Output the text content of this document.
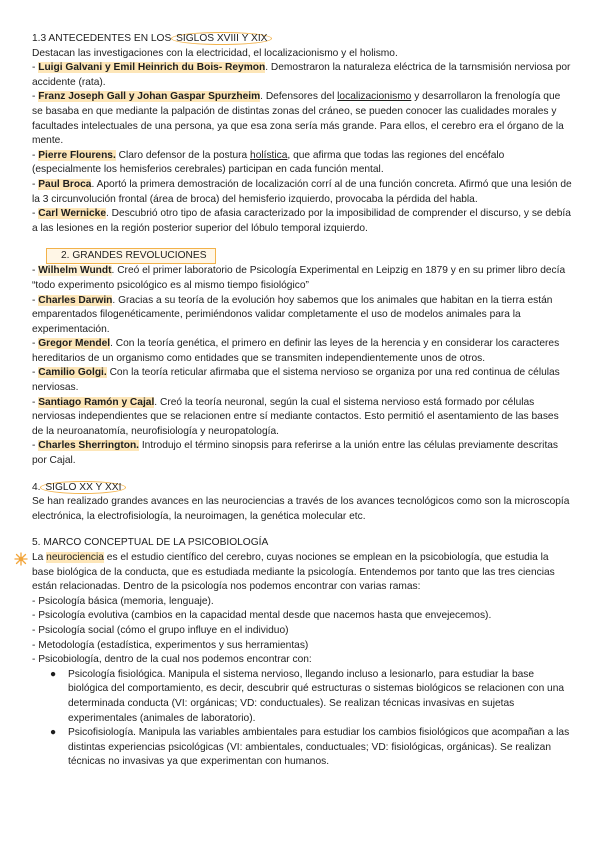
1.3 ANTECEDENTES EN LOS SIGLOS XVIII Y XIX

Destacan las investigaciones con la electricidad, el localizacionismo y el holismo.

- Luigi Galvani y Emil Heinrich du Bois- Reymon. Demostraron la naturaleza eléctrica de la tarnsmisión nerviosa por accidente (rata).

- Franz Joseph Gall y Johan Gaspar Spurzheim. Defensores del localizacionismo y desarrollaron la frenología que se basaba en que mediante la palpación de distintas zonas del cráneo, se pueden conocer las cualidades morales y facultades intelectuales de una persona, ya que esa zona sería más grande. Para ellos, el cerebro era el órgano de la mente.

- Pierre Flourens. Claro defensor de la postura holística, que afirma que todas las regiones del encéfalo (especialmente los hemisferios cerebrales) participan en cada función mental.

- Paul Broca. Aportó la primera demostración de localización corrí al de una función concreta. Afirmó que una lesión de la 3 circunvolución frontal (área de broca) del hemisferio izquierdo, provocaba la pérdida del habla.

- Carl Wernicke. Descubrió otro tipo de afasia caracterizado por la imposibilidad de comprender el discurso, y se debía a las lesiones en la región posterior superior del lóbulo temporal izquierdo.

2. GRANDES REVOLUCIONES

- Wilhelm Wundt. Creó el primer laboratorio de Psicología Experimental en Leipzig en 1879 y en su primer libro decía “todo experimento psicológico es al mismo tiempo fisiológico”

- Charles Darwin. Gracias a su teoría de la evolución hoy sabemos que los animales que habitan en la tierra están emparentados filogenéticamente, perimiéndonos validar completamente el uso de modelos animales para la experimentación.

- Gregor Mendel. Con la teoría genética, el primero en definir las leyes de la herencia y en considerar los caracteres hereditarios de un organismo como entidades que se transmiten independientemente unos de otros.

- Camilio Golgi. Con la teoría reticular afirmaba que el sistema nervioso se organiza por una red continua de células nerviosas.

- Santiago Ramón y Cajal. Creó la teoría neuronal, según la cual el sistema nervioso está formado por células nerviosas independientes que se relacionen entre sí mediante contactos. Esto permitió el asentamiento de las bases de la neuroanatomía, neurofisiología y neuropatología.

- Charles Sherrington. Introdujo el término sinopsis para referirse a la unión entre las células previamente descritas por Cajal.

4. SIGLO XX Y XXI

Se han realizado grandes avances en las neurociencias a través de los avances tecnológicos como son la microscopía electrónica, la electrofisiología, la neuroimagen, la genética molecular etc.

5. MARCO CONCEPTUAL DE LA PSICOBIOLOGÍA

La neurociencia es el estudio científico del cerebro, cuyas nociones se emplean en la psicobiología, que estudia la base biológica de la conducta, que es estudiada mediante la psicología. Entendemos por tanto que las tres ciencias están relacionadas. Dentro de la psicología nos podemos encontrar con varias ramas:

- Psicología básica (memoria, lenguaje).

- Psicología evolutiva (cambios en la capacidad mental desde que nacemos hasta que envejecemos).

- Psicología social (cómo el grupo influye en el individuo)

- Metodología (estadística, experimentos y sus herramientas)

- Psicobiología, dentro de la cual nos podemos encontrar con:

● Psicología fisiológica. Manipula el sistema nervioso, llegando incluso a lesionarlo, para estudiar la base biológica del comportamiento, es decir, descubrir qué estructuras o sistemas biológicos se relacionen con una determinada conducta (VI: orgánicas; VD: conductuales). Se realizan técnicas invasivas en sujetas experimentales (animales de laboratorio).
● Psicofisiología. Manipula las variables ambientales para estudiar los cambios fisiológicos que acompañan a las distintas experiencias psicológicas (VI: ambientales, conductuales; VD: fisiológicas, orgánicas). Se realizan técnicas no invasivas ya que experimentan con humanos.
